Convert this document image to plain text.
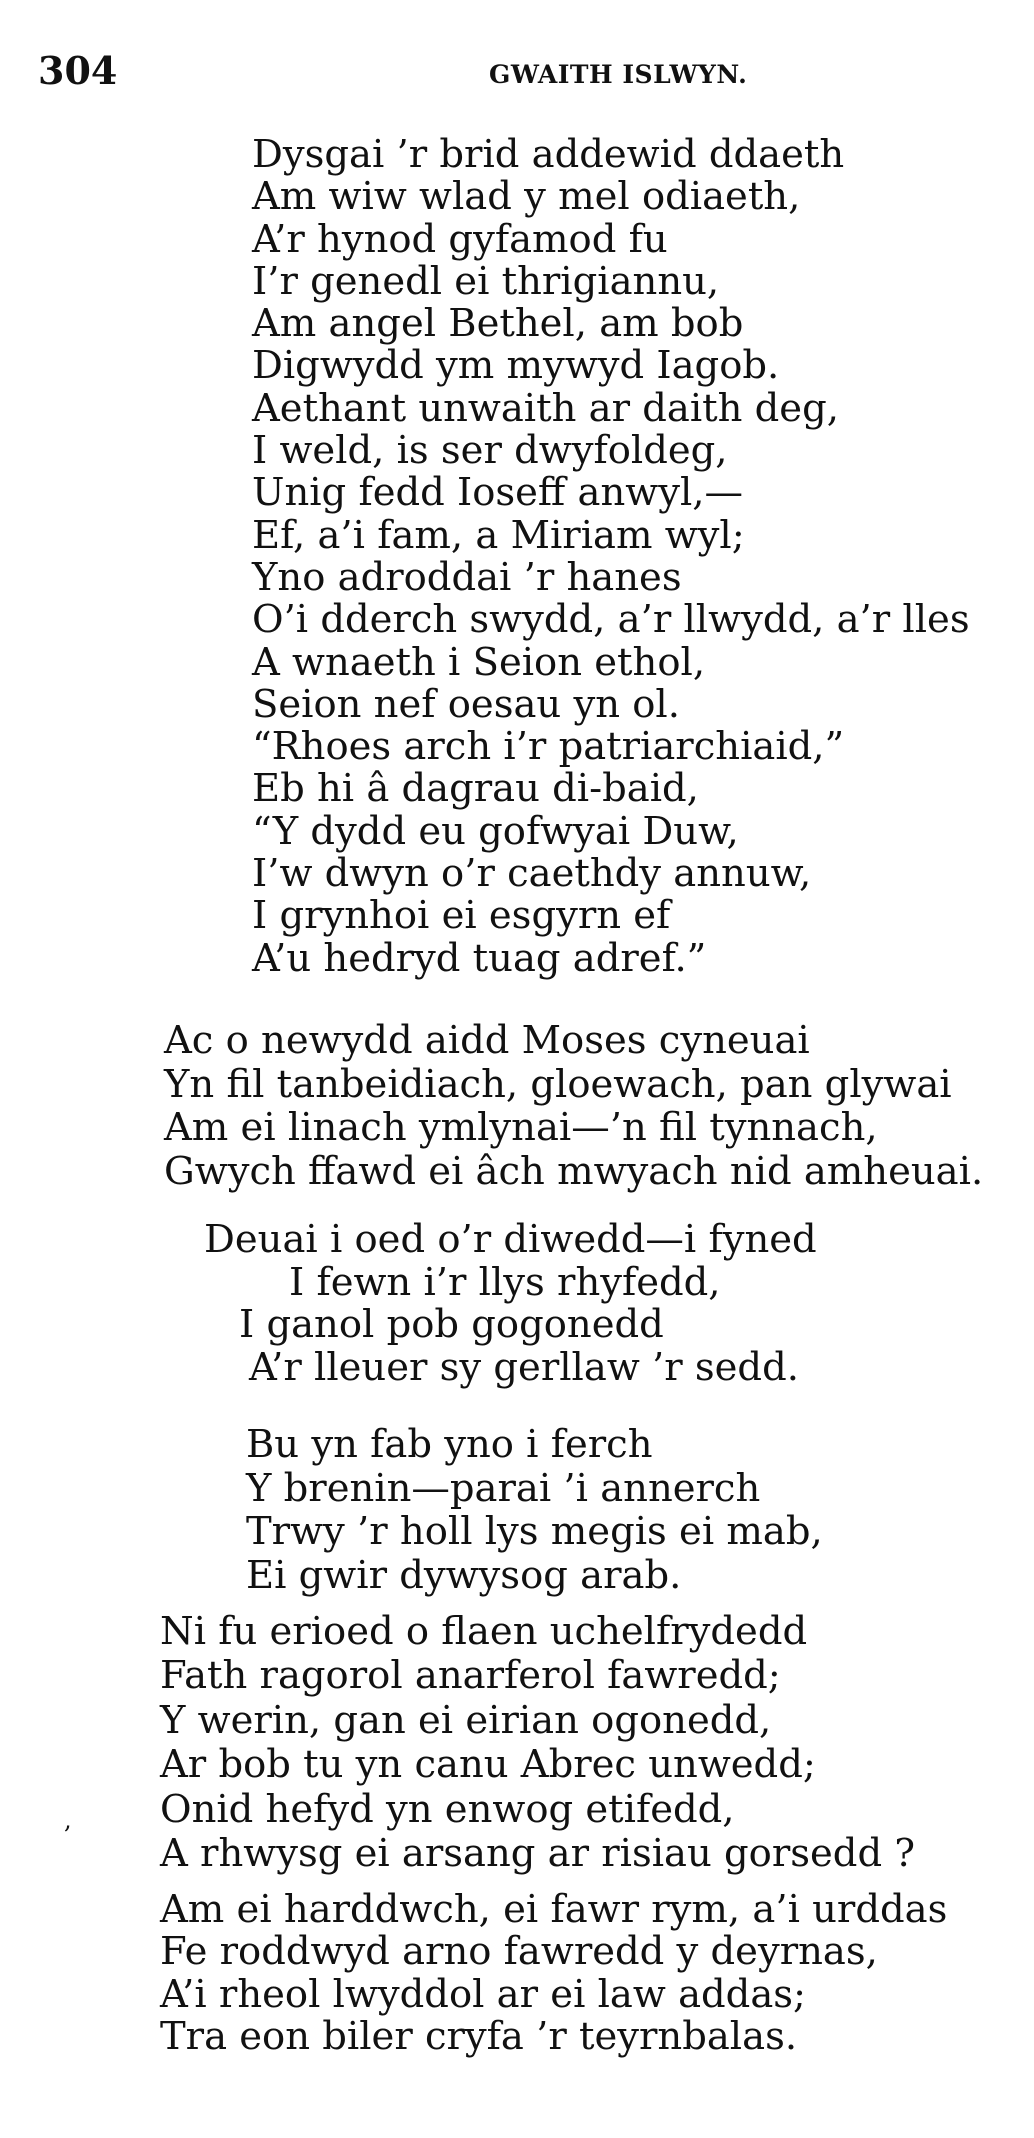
304	GWAITH ISLWYN.
Dysgai ’r brid addewid ddaeth
Am wiw wlad y mel odiaeth,
A’r hynod gyfamod fu
I’r genedl ei thrigiannu,
Am angel Bethel, am bob
Digwydd ym mywyd Iagob.
Aethant unwaith ar daith deg,
I weld, is ser dwyfoldeg,
Unig fedd Ioseff anwyl,—
Ef, a’i fam, a Miriam wyl;
Yno adroddai ’r hanes
O’i dderch swydd, a’r llwydd, a’r lles
A wnaeth i Seion ethol,
Seion nef oesau yn ol.
“Rhoes arch i’r patriarchiaid,”
Eb hi â dagrau di-baid,
“Y dydd eu gofwyai Duw,
I’w dwyn o’r caethdy annuw,
I grynhoi ei esgyrn ef
A’u hedryd tuag adref.”
Ac o newydd aidd Moses cyneuai
Yn fil tanbeidiach, gloewach, pan glywai
Am ei linach ymlynai—’n fil tynnach,
Gwych ffawd ei âch mwyach nid amheuai.
Deuai i oed o’r diwedd—i fyned
I fewn i’r llys rhyfedd,
I ganol pob gogonedd
A’r lleuer sy gerllaw ’r sedd.
Bu yn fab yno i ferch
Y brenin—parai ’i annerch
Trwy ’r holl lys megis ei mab,
Ei gwir dywysog arab.
Ni fu erioed o flaen uchelfrydedd
Fath ragorol anarferol fawredd;
Y werin, gan ei eirian ogonedd,
Ar bob tu yn canu Abrec unwedd;
Onid hefyd yn enwog etifedd,
A rhwysg ei arsang ar risiau gorsedd ?
,
Am ei harddwch, ei fawr rym, a’i urddas
Fe roddwyd arno fawredd y deyrnas,
A’i rheol lwyddol ar ei law addas;
Tra eon biler cryfa ’r teyrnbalas.
